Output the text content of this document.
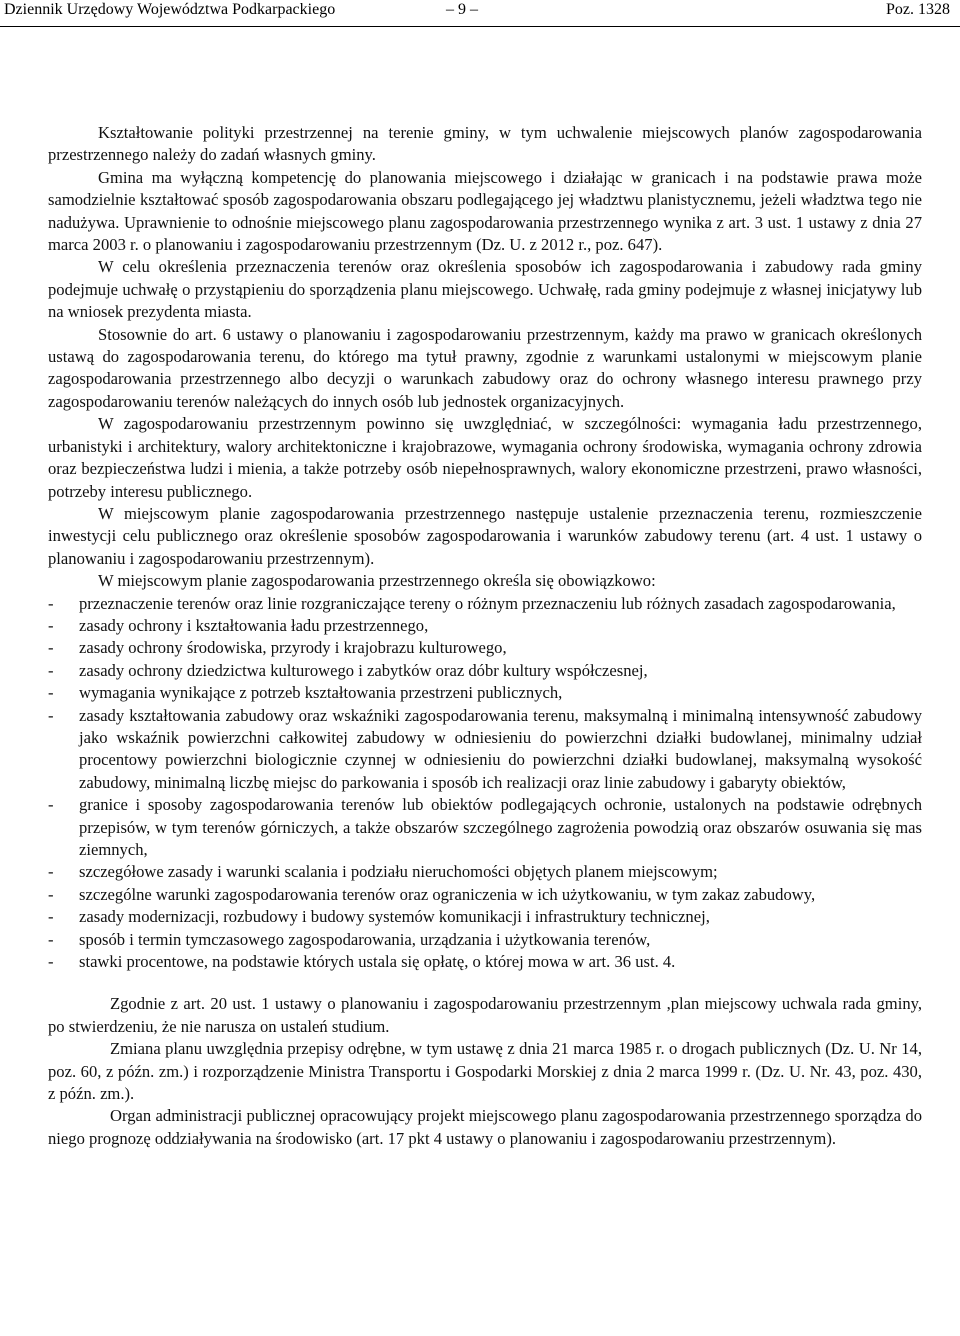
Dziennik Urzędowy Województwa Podkarpackiego	– 9 –	Poz. 1328

Kształtowanie polityki przestrzennej na terenie gminy, w tym uchwalenie miejscowych planów zagospodarowania przestrzennego należy do zadań własnych gminy.

Gmina ma wyłączną kompetencję do planowania miejscowego i działając w granicach i na podstawie prawa może samodzielnie kształtować sposób zagospodarowania obszaru podlegającego jej władztwu planistycznemu, jeżeli władztwa tego nie nadużywa. Uprawnienie to odnośnie miejscowego planu zagospodarowania przestrzennego wynika z art. 3 ust. 1 ustawy z dnia 27 marca 2003 r. o planowaniu i zagospodarowaniu przestrzennym (Dz. U. z 2012 r., poz. 647).

W celu określenia przeznaczenia terenów oraz określenia sposobów ich zagospodarowania i zabudowy rada gminy podejmuje uchwałę o przystąpieniu do sporządzenia planu miejscowego. Uchwałę, rada gminy podejmuje z własnej inicjatywy lub na wniosek prezydenta miasta.

Stosownie do art. 6 ustawy o planowaniu i zagospodarowaniu przestrzennym, każdy ma prawo w granicach określonych ustawą do zagospodarowania terenu, do którego ma tytuł prawny, zgodnie z warunkami ustalonymi w miejscowym planie zagospodarowania przestrzennego albo decyzji o warunkach zabudowy oraz do ochrony własnego interesu prawnego przy zagospodarowaniu terenów należących do innych osób lub jednostek organizacyjnych.

W zagospodarowaniu przestrzennym powinno się uwzględniać, w szczególności: wymagania ładu przestrzennego, urbanistyki i architektury, walory architektoniczne i krajobrazowe, wymagania ochrony środowiska, wymagania ochrony zdrowia oraz bezpieczeństwa ludzi i mienia, a także potrzeby osób niepełnosprawnych, walory ekonomiczne przestrzeni, prawo własności, potrzeby interesu publicznego.

W miejscowym planie zagospodarowania przestrzennego następuje ustalenie przeznaczenia terenu, rozmieszczenie inwestycji celu publicznego oraz określenie sposobów zagospodarowania i warunków zabudowy terenu (art. 4 ust. 1 ustawy o planowaniu i zagospodarowaniu przestrzennym).

W miejscowym planie zagospodarowania przestrzennego określa się obowiązkowo:

- przeznaczenie terenów oraz linie rozgraniczające tereny o różnym przeznaczeniu lub różnych zasadach zagospodarowania,
- zasady ochrony i kształtowania ładu przestrzennego,
- zasady ochrony środowiska, przyrody i krajobrazu kulturowego,
- zasady ochrony dziedzictwa kulturowego i zabytków oraz dóbr kultury współczesnej,
- wymagania wynikające z potrzeb kształtowania przestrzeni publicznych,
- zasady kształtowania zabudowy oraz wskaźniki zagospodarowania terenu, maksymalną i minimalną intensywność zabudowy jako wskaźnik powierzchni całkowitej zabudowy w odniesieniu do powierzchni działki budowlanej, minimalny udział procentowy powierzchni biologicznie czynnej w odniesieniu do powierzchni działki budowlanej, maksymalną wysokość zabudowy, minimalną liczbę miejsc do parkowania i sposób ich realizacji oraz linie zabudowy i gabaryty obiektów,
- granice i sposoby zagospodarowania terenów lub obiektów podlegających ochronie, ustalonych na podstawie odrębnych przepisów, w tym terenów górniczych, a także obszarów szczególnego zagrożenia powodzią oraz obszarów osuwania się mas ziemnych,
- szczegółowe zasady i warunki scalania i podziału nieruchomości objętych planem miejscowym;
- szczególne warunki zagospodarowania terenów oraz ograniczenia w ich użytkowaniu, w tym zakaz zabudowy,
- zasady modernizacji, rozbudowy i budowy systemów komunikacji i infrastruktury technicznej,
- sposób i termin tymczasowego zagospodarowania, urządzania i użytkowania terenów,
- stawki procentowe, na podstawie których ustala się opłatę, o której mowa w art. 36 ust. 4.

Zgodnie z art. 20 ust. 1 ustawy o planowaniu i zagospodarowaniu przestrzennym ,plan miejscowy uchwala rada gminy, po stwierdzeniu, że nie narusza on ustaleń studium.

Zmiana planu uwzględnia przepisy odrębne, w tym ustawę z dnia 21 marca 1985 r. o drogach publicznych (Dz. U. Nr 14, poz. 60, z późn. zm.) i rozporządzenie Ministra Transportu i Gospodarki Morskiej z dnia 2 marca 1999 r. (Dz. U. Nr. 43, poz. 430, z późn. zm.).

Organ administracji publicznej opracowujący projekt miejscowego planu zagospodarowania przestrzennego sporządza do niego prognozę oddziaływania na środowisko (art. 17 pkt 4 ustawy o planowaniu i zagospodarowaniu przestrzennym).
